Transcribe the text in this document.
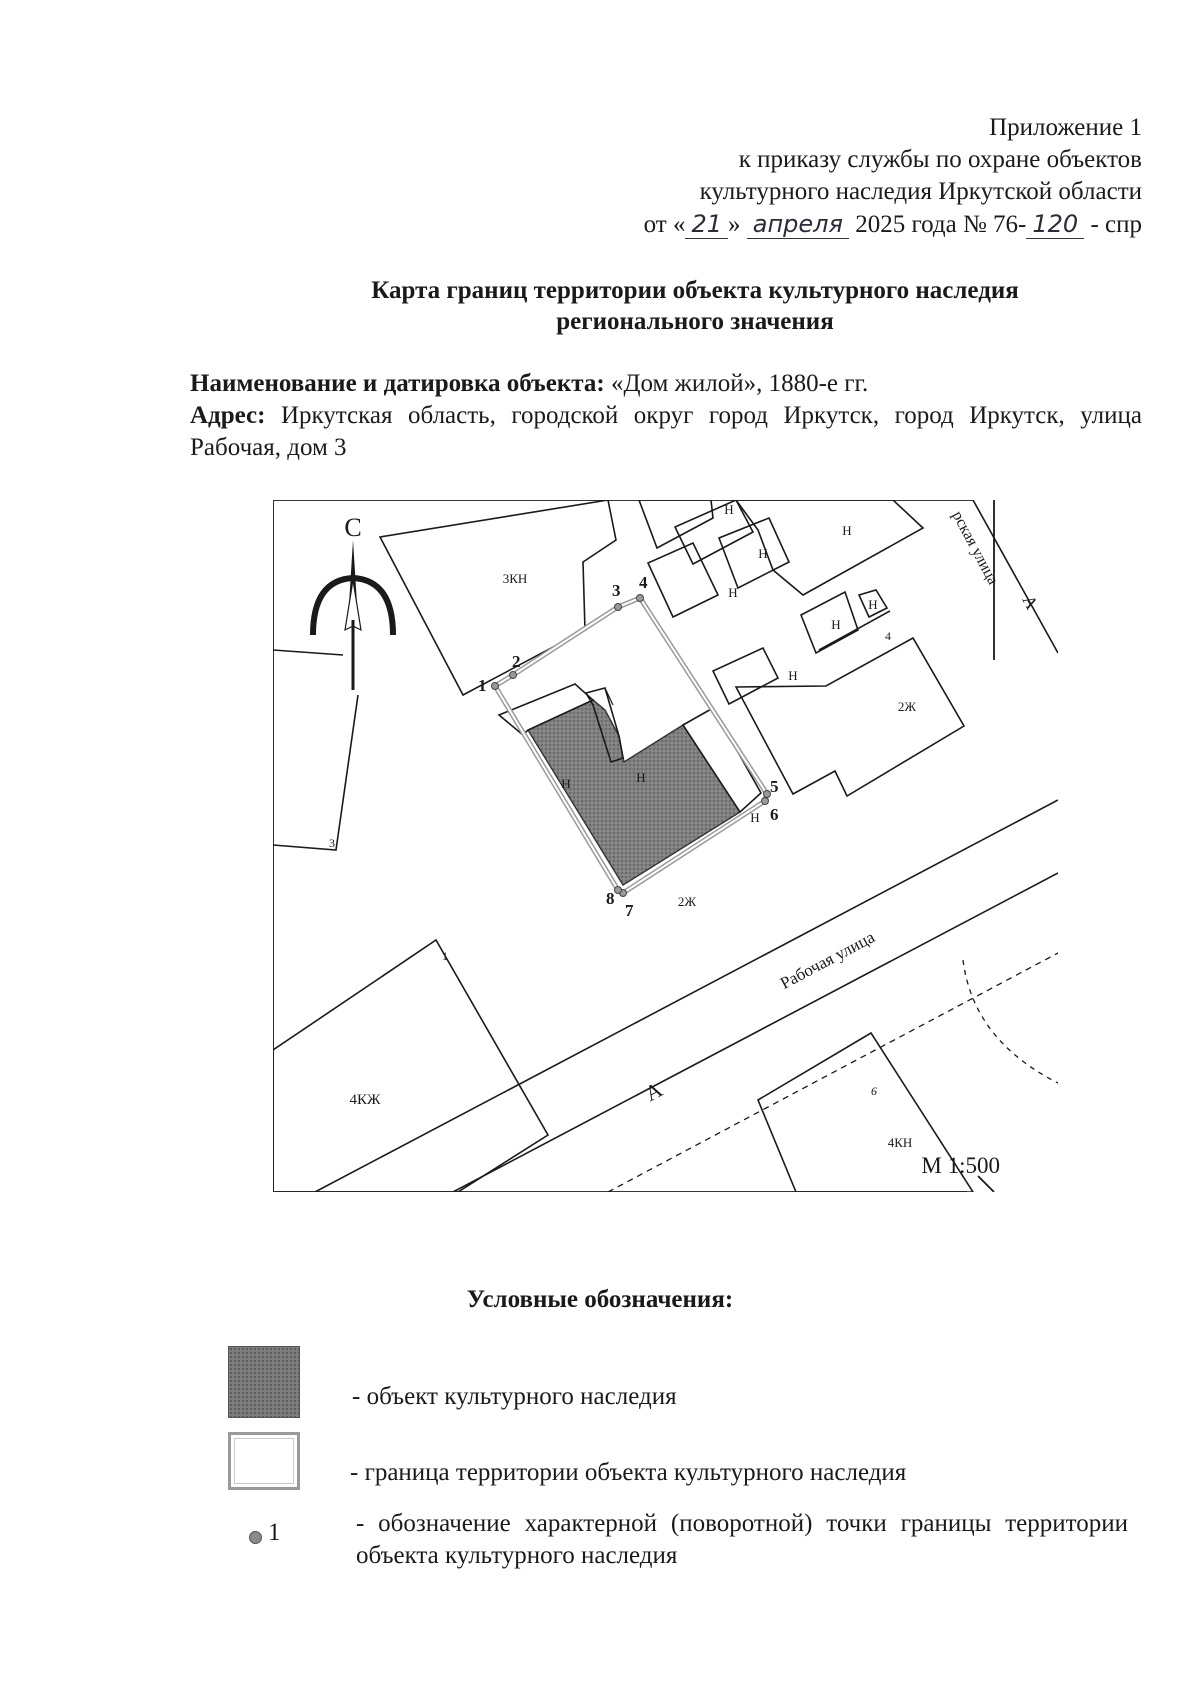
Приложение 1
к приказу службы по охране объектов
культурного наследия Иркутской области
от « 21 » апреля 2025 года № 76- 120 - спр
Карта границ территории объекта культурного наследия
регионального значения
Наименование и датировка объекта: «Дом жилой», 1880-е гг.
Адрес: Иркутская область, городской округ город Иркутск, город Иркутск, улица Рабочая, дом 3
С
3КН
4КЖ
4КН
2Ж
2Ж
Н
Н
Н
Н
Н
Н
Н
Н	Н
Н
1
3
4
6
Рабочая улица
А
рская улица
А
1
2
3 4
5
6
7
8
М 1:500
Условные обозначения:
- объект культурного наследия
- граница территории объекта культурного наследия
1	- обозначение характерной (поворотной) точки границы территории объекта культурного наследия
